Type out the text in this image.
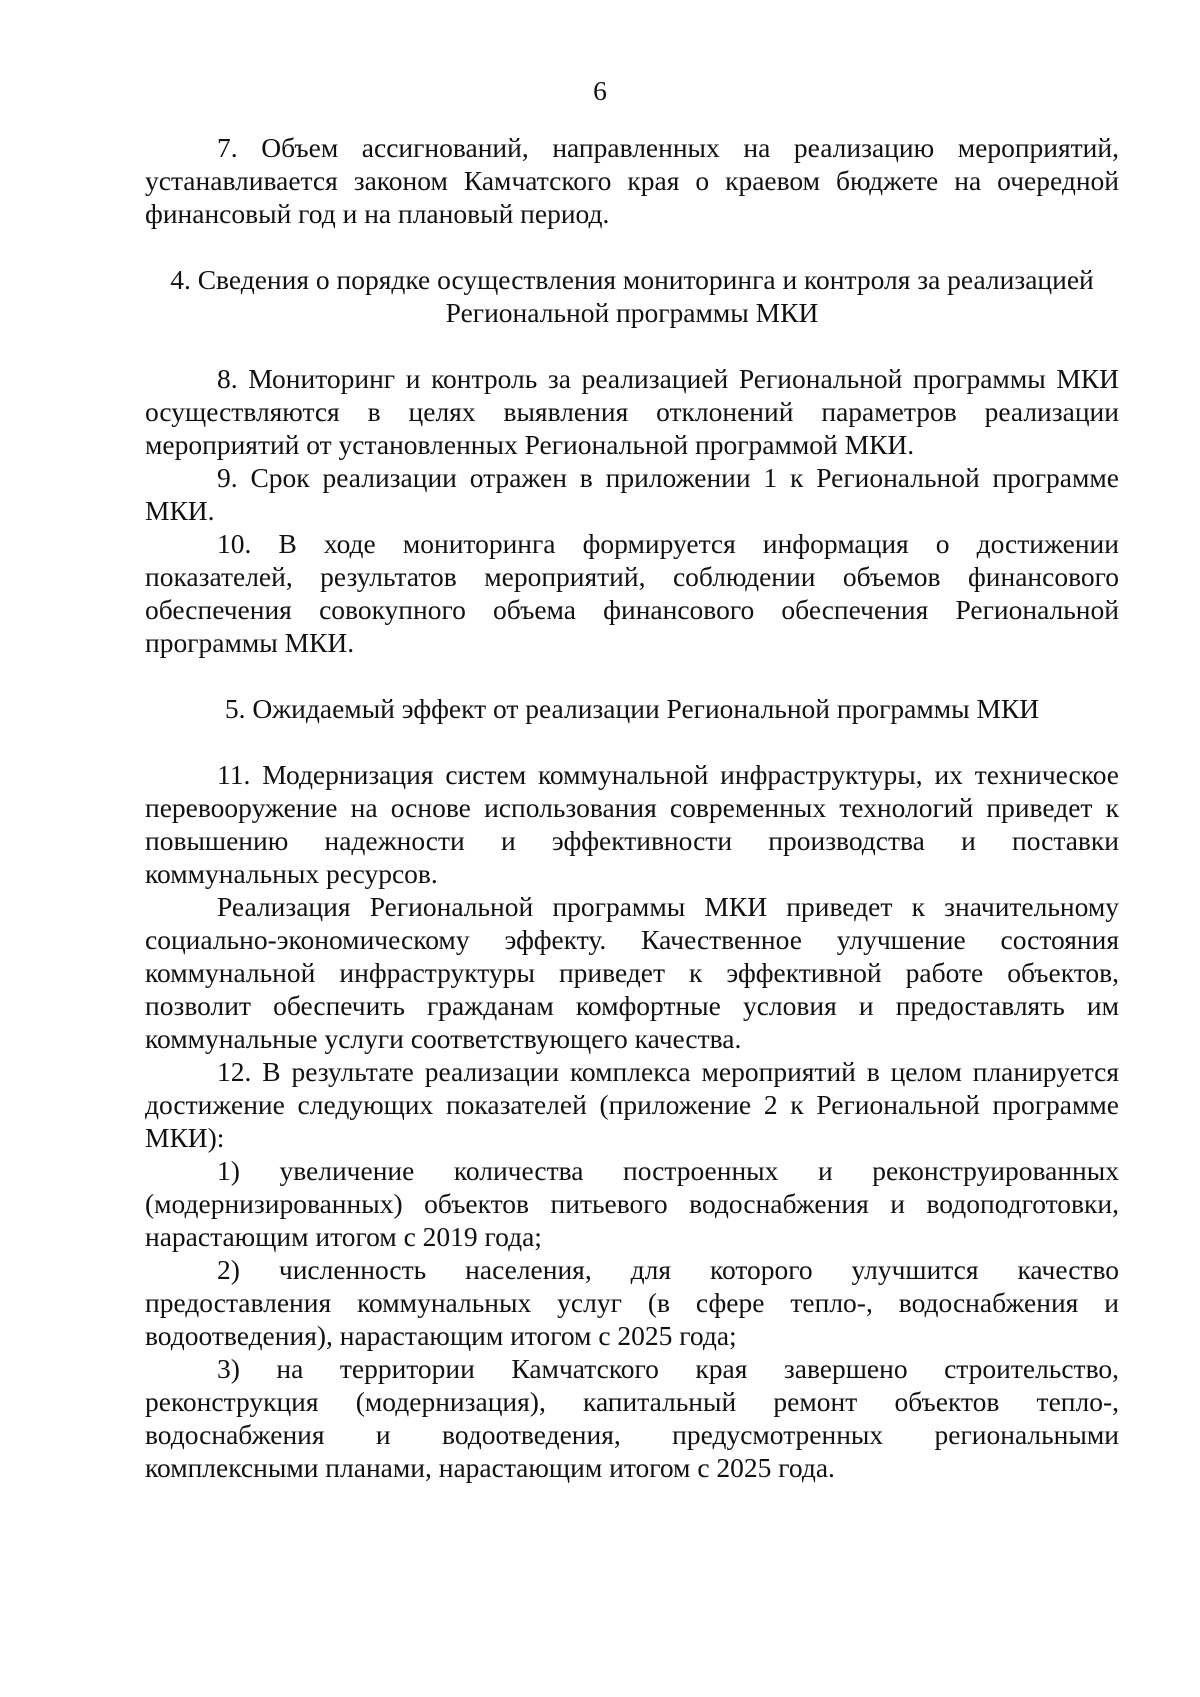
6

7. Объем ассигнований, направленных на реализацию мероприятий, устанавливается законом Камчатского края о краевом бюджете на очередной финансовый год и на плановый период.

4. Сведения о порядке осуществления мониторинга и контроля за реализацией
Региональной программы МКИ

8. Мониторинг и контроль за реализацией Региональной программы МКИ осуществляются в целях выявления отклонений параметров реализации мероприятий от установленных Региональной программой МКИ.

9. Срок реализации отражен в приложении 1 к Региональной программе МКИ.

10. В ходе мониторинга формируется информация о достижении показателей, результатов мероприятий, соблюдении объемов финансового обеспечения совокупного объема финансового обеспечения Региональной программы МКИ.

5. Ожидаемый эффект от реализации Региональной программы МКИ

11. Модернизация систем коммунальной инфраструктуры, их техническое перевооружение на основе использования современных технологий приведет к повышению надежности и эффективности производства и поставки коммунальных ресурсов.

Реализация Региональной программы МКИ приведет к значительному социально-экономическому эффекту. Качественное улучшение состояния коммунальной инфраструктуры приведет к эффективной работе объектов, позволит обеспечить гражданам комфортные условия и предоставлять им коммунальные услуги соответствующего качества.

12. В результате реализации комплекса мероприятий в целом планируется достижение следующих показателей (приложение 2 к Региональной программе МКИ):

1) увеличение количества построенных и реконструированных (модернизированных) объектов питьевого водоснабжения и водоподготовки, нарастающим итогом с 2019 года;

2) численность населения, для которого улучшится качество предоставления коммунальных услуг (в сфере тепло-, водоснабжения и водоотведения), нарастающим итогом с 2025 года;

3) на территории Камчатского края завершено строительство, реконструкция (модернизация), капитальный ремонт объектов тепло-, водоснабжения и водоотведения, предусмотренных региональными комплексными планами, нарастающим итогом с 2025 года.
